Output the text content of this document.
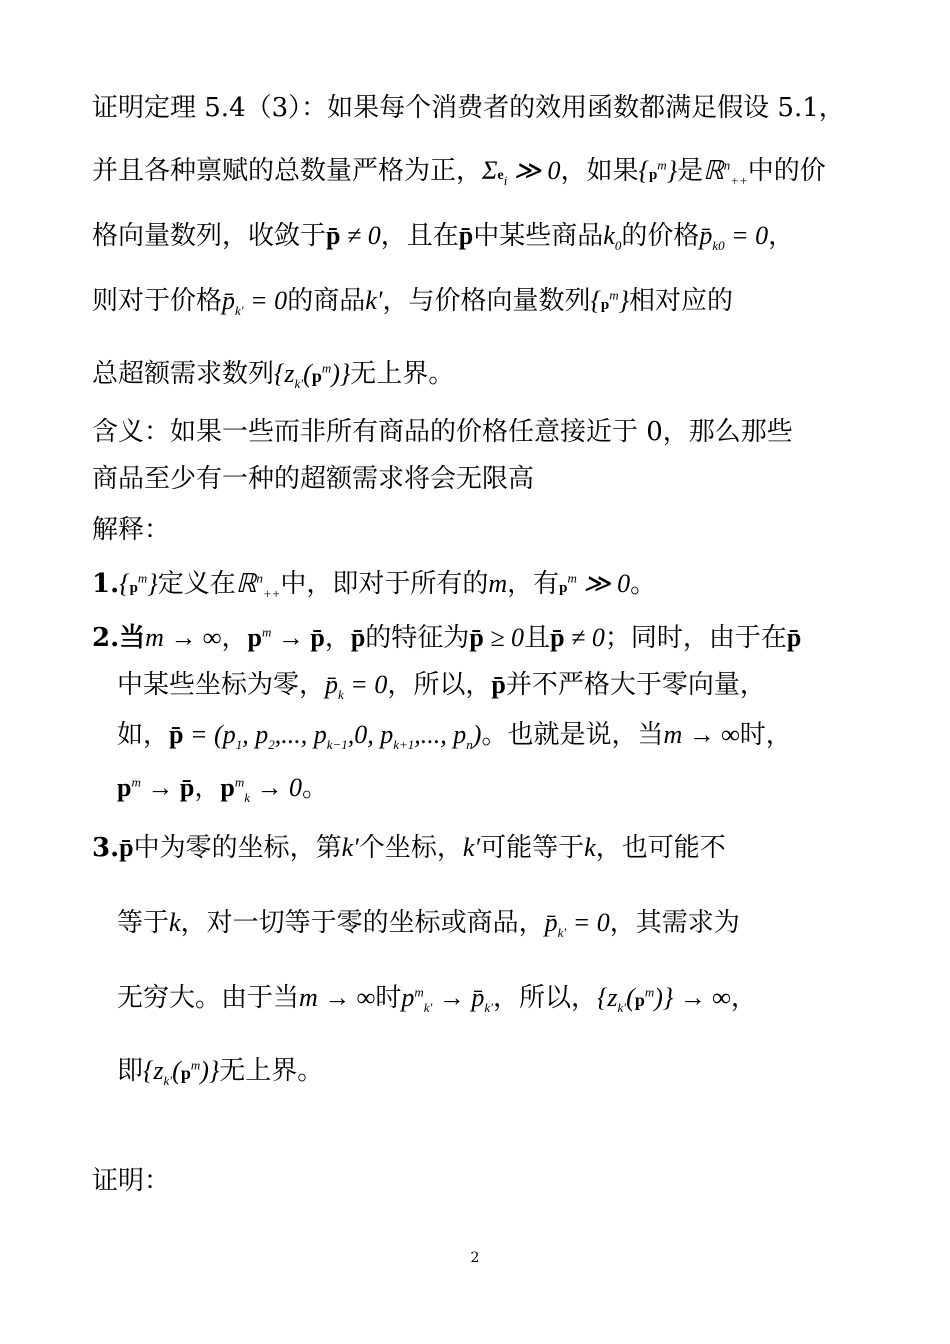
证明定理 5.4（3）：如果每个消费者的效用函数都满足假设 5.1，
并且各种禀赋的总数量严格为正，$\Sigma e_i$ ≫ 0，如果$\{p^m\}$是ℝ$^n_{++}$中的价
格向量数列，收敛于p̄ ≠ 0，且在p̄中某些商品$k_0$的价格$p̄_{k0} = 0$，
则对于价格$p̄_{k'} = 0$的商品k′，与价格向量数列$\{p^m\}$相对应的
总超额需求数列$\{z_{k'}(p^m)\}$无上界。
含义：如果一些而非所有商品的价格任意接近于 0，那么那些
商品至少有一种的超额需求将会无限高
解释：
$1.\{p^m\}$定义在ℝ$^n_{++}$中，即对于所有的m，有$p^m$ ≫ 0。
2.当m → ∞，$p^m$ → p̄，p̄的特征为p̄ ≥ 0且p̄ ≠ 0；同时，由于在p̄
中某些坐标为零，$p̄_k = 0$，所以，p̄并不严格大于零向量，
如，p̄ = ($p_1$, $p_2$,..., $p_{k-1},0$, $p_{k+1}$,..., $p_n$)。也就是说，当m → ∞时，
$p^m$ → p̄，$p^m_k \to 0$。
3.p̄中为零的坐标，第k′个坐标，k′可能等于k，也可能不
等于k，对一切等于零的坐标或商品，$p̄_{k'} = 0$，其需求为
无穷大。由于当m → ∞时$p^m_{k'}$ → $p̄_{k'}$，所以，$\{z_{k'}(p^m)\}$ → ∞，
即$\{z_{k'}(p^m)\}$无上界。
证明：
2
